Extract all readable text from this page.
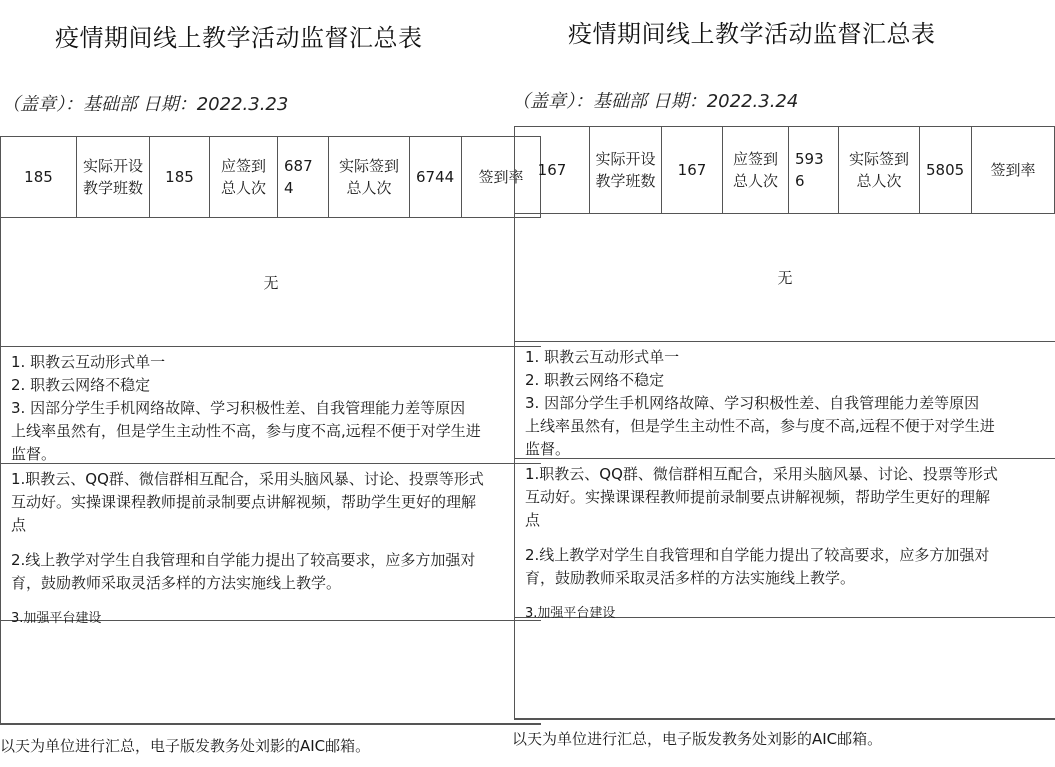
疫情期间线上教学活动监督汇总表
（盖章）：基础部 日期：2022.3.23
185
实际开设教学班数
185
应签到总人次
6874
实际签到总人次
6744	签到率
无
1. 职教云互动形式单一
2. 职教云网络不稳定
3. 因部分学生手机网络故障、学习积极性差、自我管理能力差等原因
上线率虽然有，但是学生主动性不高，参与度不高,远程不便于对学生进
监督。
1.职教云、QQ群、微信群相互配合，采用头脑风暴、讨论、投票等形式
互动好。实操课课程教师提前录制要点讲解视频，帮助学生更好的理解
点
2.线上教学对学生自我管理和自学能力提出了较高要求，应多方加强对
育，鼓励教师采取灵活多样的方法实施线上教学。
3.加强平台建设
以天为单位进行汇总，电子版发教务处刘影的AIC邮箱。
疫情期间线上教学活动监督汇总表
（盖章）：基础部 日期：2022.3.24
167
实际开设教学班数
167
应签到总人次
5936
实际签到总人次
5805	签到率
无
1. 职教云互动形式单一
2. 职教云网络不稳定
3. 因部分学生手机网络故障、学习积极性差、自我管理能力差等原因
上线率虽然有，但是学生主动性不高，参与度不高,远程不便于对学生进
监督。
1.职教云、QQ群、微信群相互配合，采用头脑风暴、讨论、投票等形式
互动好。实操课课程教师提前录制要点讲解视频，帮助学生更好的理解
点
2.线上教学对学生自我管理和自学能力提出了较高要求，应多方加强对
育，鼓励教师采取灵活多样的方法实施线上教学。
3.加强平台建设
以天为单位进行汇总，电子版发教务处刘影的AIC邮箱。
